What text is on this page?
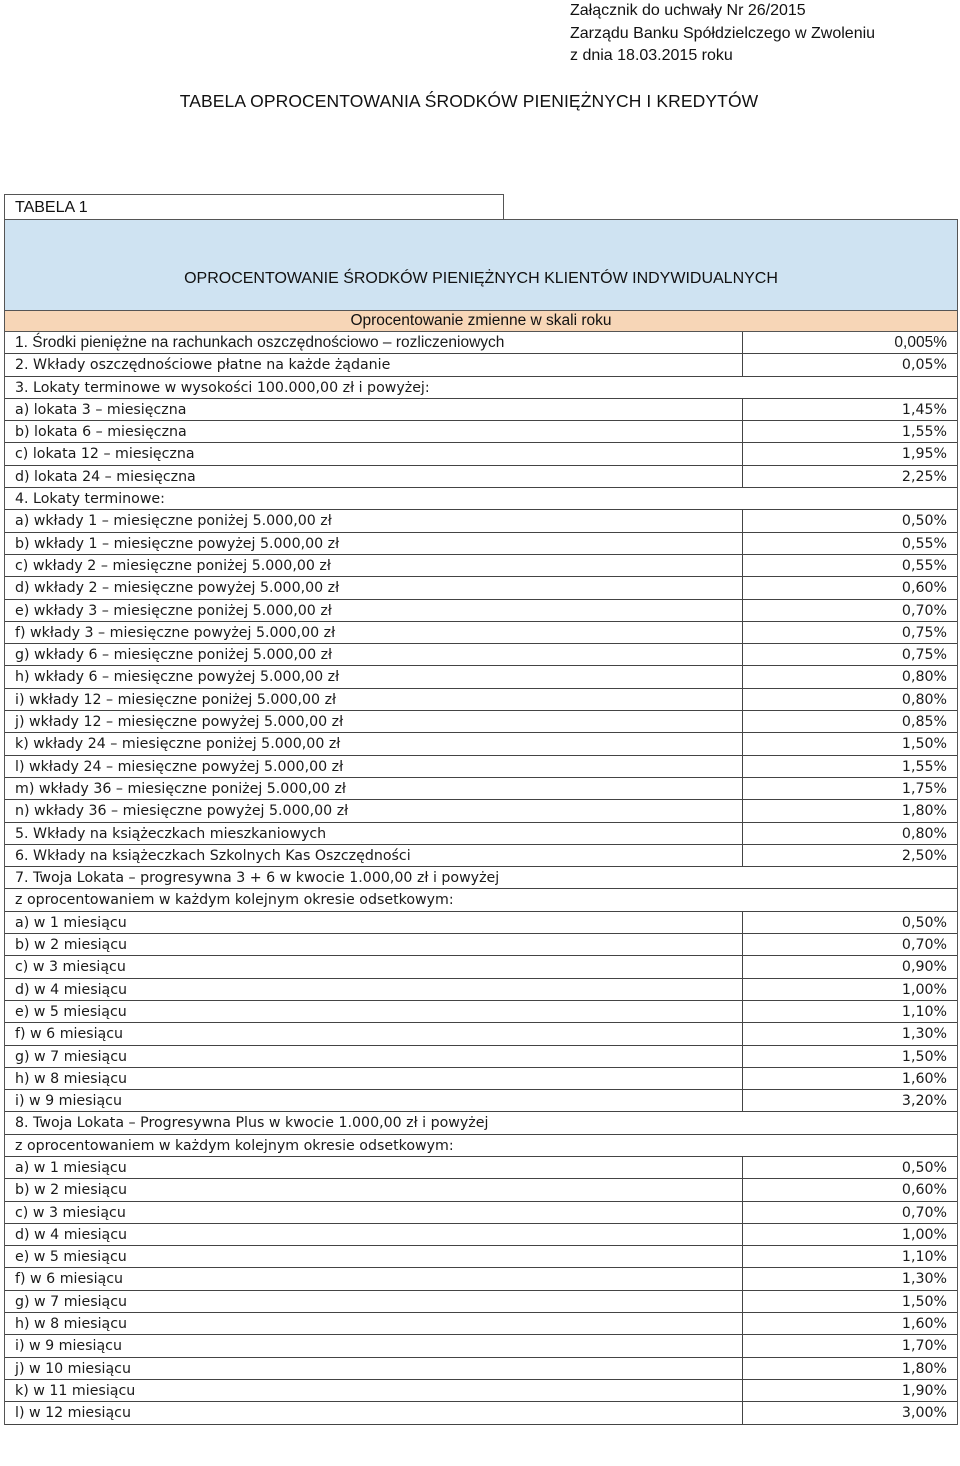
Załącznik do uchwały Nr 26/2015
Zarządu Banku Spółdzielczego w Zwoleniu
z dnia 18.03.2015 roku
TABELA OPROCENTOWANIA ŚRODKÓW PIENIĘŻNYCH I KREDYTÓW
TABELA 1
OPROCENTOWANIE ŚRODKÓW PIENIĘŻNYCH KLIENTÓW INDYWIDUALNYCH
Oprocentowanie zmienne w skali roku
1. Środki pieniężne na rachunkach oszczędnościowo – rozliczeniowych	0,005%
2. Wkłady oszczędnościowe płatne na każde żądanie	0,05%
3. Lokaty terminowe w wysokości 100.000,00 zł i powyżej:
a) lokata 3 – miesięczna	1,45%
b) lokata 6 – miesięczna	1,55%
c) lokata 12 – miesięczna	1,95%
d) lokata 24 – miesięczna	2,25%
4. Lokaty terminowe:
a) wkłady 1 – miesięczne poniżej 5.000,00 zł	0,50%
b) wkłady 1 – miesięczne powyżej 5.000,00 zł	0,55%
c) wkłady 2 – miesięczne poniżej 5.000,00 zł	0,55%
d) wkłady 2 – miesięczne powyżej 5.000,00 zł	0,60%
e) wkłady 3 – miesięczne poniżej 5.000,00 zł	0,70%
f) wkłady 3 – miesięczne powyżej 5.000,00 zł	0,75%
g) wkłady 6 – miesięczne poniżej 5.000,00 zł	0,75%
h) wkłady 6 – miesięczne powyżej 5.000,00 zł	0,80%
i) wkłady 12 – miesięczne poniżej 5.000,00 zł	0,80%
j) wkłady 12 – miesięczne powyżej 5.000,00 zł	0,85%
k) wkłady 24 – miesięczne poniżej 5.000,00 zł	1,50%
l) wkłady 24 – miesięczne powyżej 5.000,00 zł	1,55%
m) wkłady 36 – miesięczne poniżej 5.000,00 zł	1,75%
n) wkłady 36 – miesięczne powyżej 5.000,00 zł	1,80%
5. Wkłady na książeczkach mieszkaniowych	0,80%
6. Wkłady na książeczkach Szkolnych Kas Oszczędności	2,50%
7. Twoja Lokata – progresywna 3 + 6 w kwocie 1.000,00 zł i powyżej
z oprocentowaniem w każdym kolejnym okresie odsetkowym:
a) w 1 miesiącu	0,50%
b) w 2 miesiącu	0,70%
c) w 3 miesiącu	0,90%
d) w 4 miesiącu	1,00%
e) w 5 miesiącu	1,10%
f) w 6 miesiącu	1,30%
g) w 7 miesiącu	1,50%
h) w 8 miesiącu	1,60%
i) w 9 miesiącu	3,20%
8. Twoja Lokata – Progresywna Plus w kwocie 1.000,00 zł i powyżej
z oprocentowaniem w każdym kolejnym okresie odsetkowym:
a) w 1 miesiącu	0,50%
b) w 2 miesiącu	0,60%
c) w 3 miesiącu	0,70%
d) w 4 miesiącu	1,00%
e) w 5 miesiącu	1,10%
f) w 6 miesiącu	1,30%
g) w 7 miesiącu	1,50%
h) w 8 miesiącu	1,60%
i) w 9 miesiącu	1,70%
j) w 10 miesiącu	1,80%
k) w 11 miesiącu	1,90%
l) w 12 miesiącu	3,00%
